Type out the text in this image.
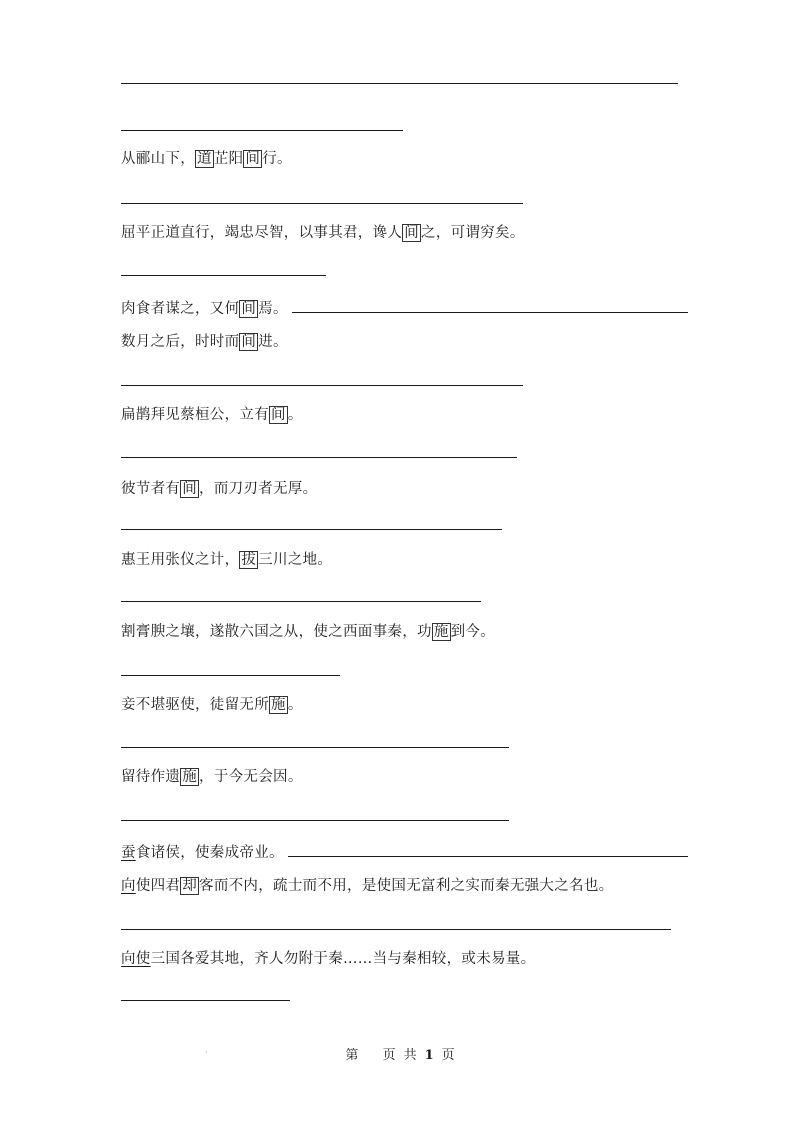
从郦山下， 道 芷阳 间 行。
屈平正道直行，竭忠尽智，以事其君，谗人 间 之，可谓穷矣。
肉食者谋之，又何 间 焉。
数月之后，时时而 间 进。
扁鹊拜见蔡桓公，立有 间 。
彼节者有 间 ，而刀刃者无厚。
惠王用张仪之计， 拔 三川之地。
割膏腴之壤，遂散六国之从，使之西面事秦，功 施 到今。
妾不堪驱使，徒留无所 施 。
留待作遗 施 ，于今无会因。
蚕食诸侯，使秦成帝业。
向使四君 却 客而不内，疏士而不用，是使国无富利之实而秦无强大之名也。
向使三国各爱其地，齐人勿附于秦……当与秦相较，或未易量。
·	第 页 共 1 页
